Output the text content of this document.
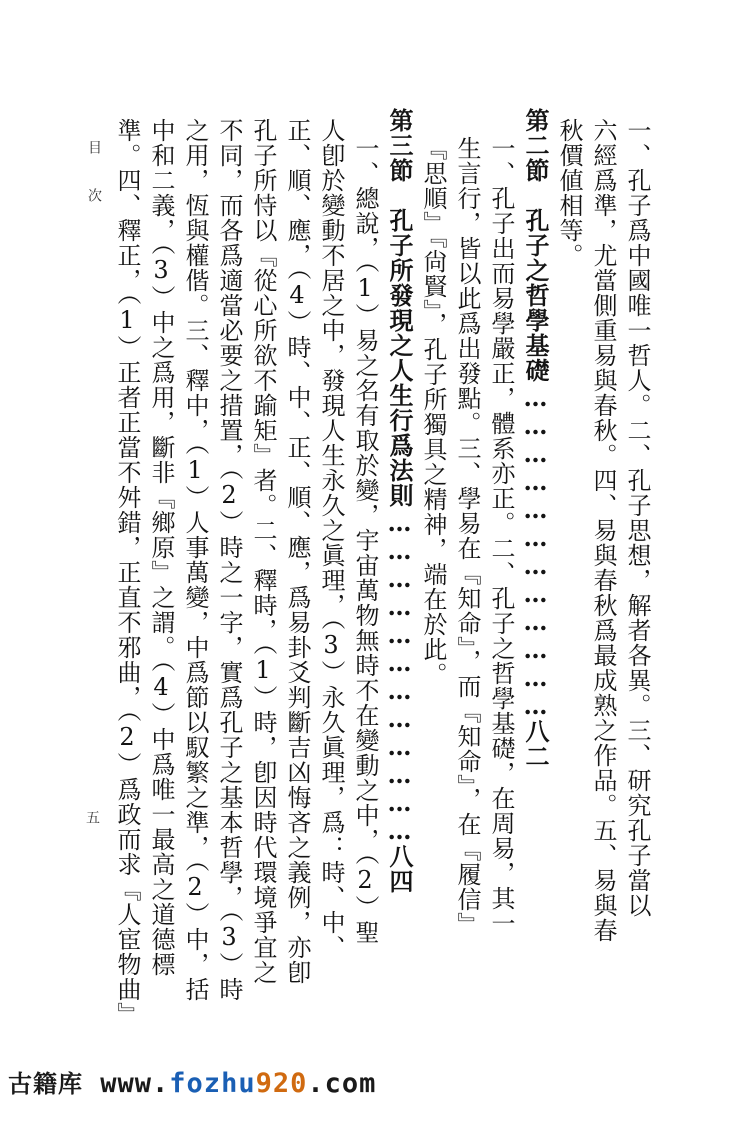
目
次
五	一、孔子爲中國唯一哲人。二、孔子思想，解者各異。三、研究孔子當以
六經爲準，尤當側重易與春秋。四、易與春秋爲最成熟之作品。五、易與春
秋價値相等。
第二節　孔子之哲學基礎………………………………八二
一、孔子出而易學嚴正，體系亦正。二、孔子之哲學基礎，在周易，其一
生言行，皆以此爲出發點。三、學易在『知命』，而『知命』，在『履信』
『思順』『尙賢』，孔子所獨具之精神，端在於此。
第三節　孔子所發現之人生行爲法則………………………………八四
一、總說，（1）易之名有取於變，宇宙萬物無時不在變動之中，（2）聖
人卽於變動不居之中，發現人生永久之眞理，（3）永久眞理，爲：時、中、
正、順、應，（4）時、中、正、順、應，爲易卦爻判斷吉凶悔吝之義例，亦卽
孔子所恃以『從心所欲不踰矩』者。二、釋時，（1）時，卽因時代環境爭宜之
不同，而各爲適當必要之措置，（2）時之一字，實爲孔子之基本哲學，（3）時
之用，恆與權偕。三、釋中，（1）人事萬變，中爲節以馭繁之準，（2）中，括
中和二義，（3）中之爲用，斷非『鄉原』之謂。（4）中爲唯一最高之道德標
準。四、釋正，（1）正者正當不舛錯，正直不邪曲，（2）爲政而求『人宦物曲』
古籍库 www.fozhu920.com
